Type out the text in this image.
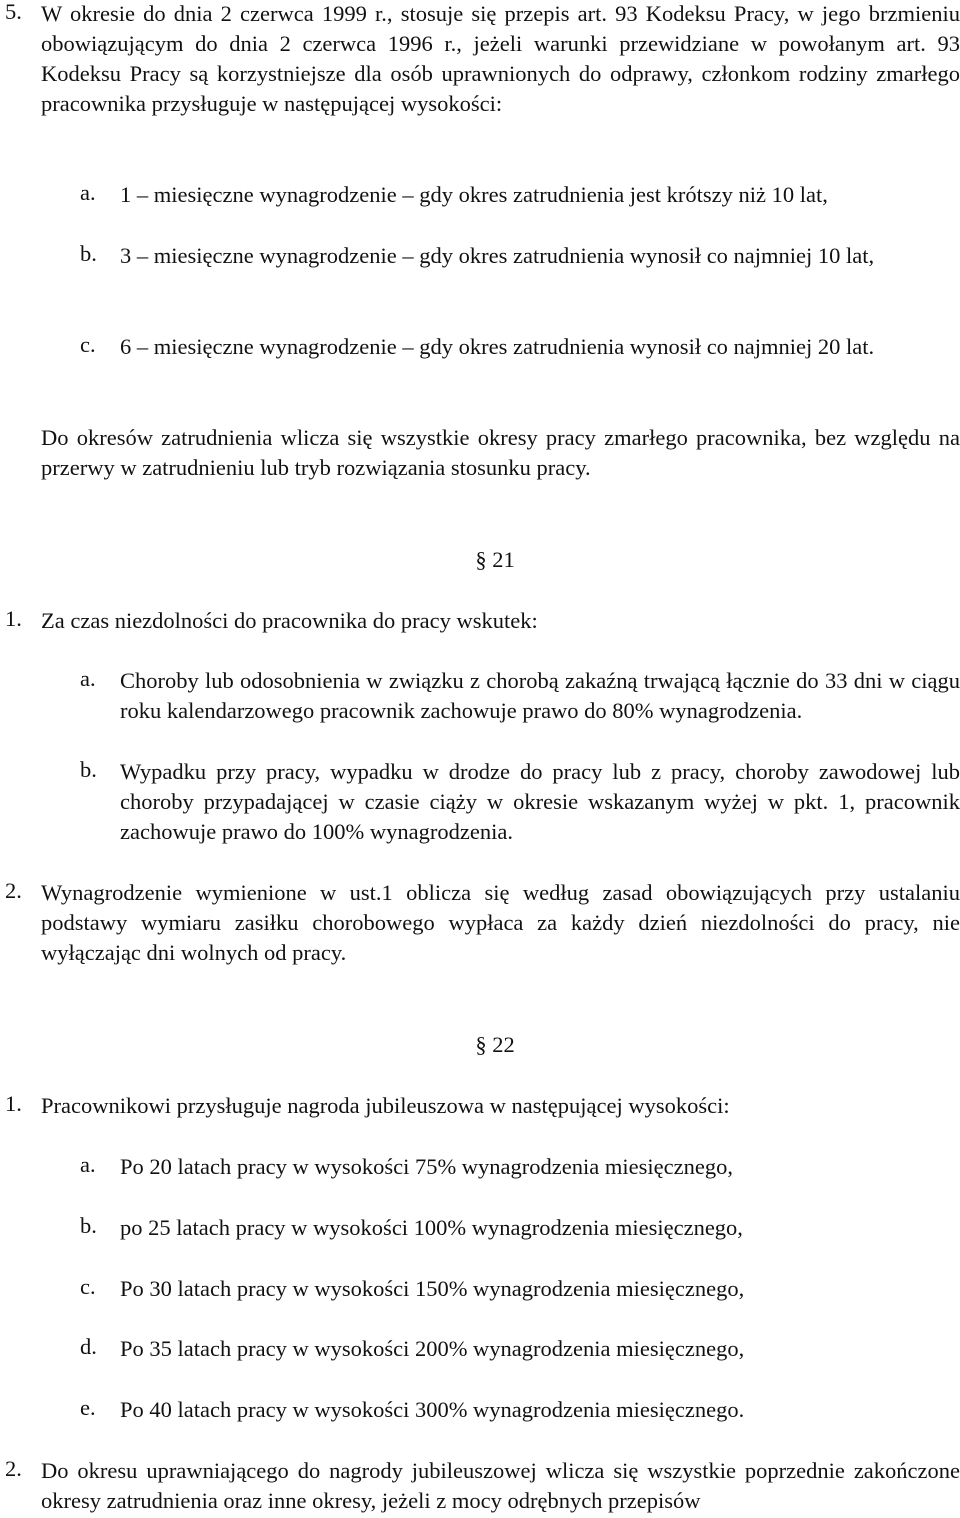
5. W okresie do dnia 2 czerwca 1999 r., stosuje się przepis art. 93 Kodeksu Pracy, w jego brzmieniu obowiązującym do dnia 2 czerwca 1996 r., jeżeli warunki przewidziane w powołanym art. 93 Kodeksu Pracy są korzystniejsze dla osób uprawnionych do odprawy, członkom rodziny zmarłego pracownika przysługuje w następującej wysokości:
a.	1 – miesięczne wynagrodzenie – gdy okres zatrudnienia jest krótszy niż 10 lat,
b.	3 – miesięczne wynagrodzenie – gdy okres zatrudnienia wynosił co najmniej 10 lat,
c.	6 – miesięczne wynagrodzenie – gdy okres zatrudnienia wynosił co najmniej 20 lat.
Do okresów zatrudnienia wlicza się wszystkie okresy pracy zmarłego pracownika, bez względu na przerwy w zatrudnieniu lub tryb rozwiązania stosunku pracy.
§ 21
1. Za czas niezdolności do pracownika do pracy wskutek:
a.	Choroby lub odosobnienia w związku z chorobą zakaźną trwającą łącznie do 33 dni w ciągu roku kalendarzowego pracownik zachowuje prawo do 80% wynagrodzenia.
b.	Wypadku przy pracy, wypadku w drodze do pracy lub z pracy, choroby zawodowej lub choroby przypadającej w czasie ciąży w okresie wskazanym wyżej w pkt. 1, pracownik zachowuje prawo do 100% wynagrodzenia.
2. Wynagrodzenie wymienione w ust.1 oblicza się według zasad obowiązujących przy ustalaniu podstawy wymiaru zasiłku chorobowego wypłaca za każdy dzień niezdolności do pracy, nie wyłączając dni wolnych od pracy.
§ 22
1. Pracownikowi przysługuje nagroda jubileuszowa w następującej wysokości:
a.	Po 20 latach pracy w wysokości 75% wynagrodzenia miesięcznego,
b.	po 25 latach pracy w wysokości 100% wynagrodzenia miesięcznego,
c.	Po 30 latach pracy w wysokości 150% wynagrodzenia miesięcznego,
d.	Po 35 latach pracy w wysokości 200% wynagrodzenia miesięcznego,
e.	Po 40 latach pracy w wysokości 300% wynagrodzenia miesięcznego.
2. Do okresu uprawniającego do nagrody jubileuszowej wlicza się wszystkie poprzednie zakończone okresy zatrudnienia oraz inne okresy, jeżeli z mocy odrębnych przepisów
